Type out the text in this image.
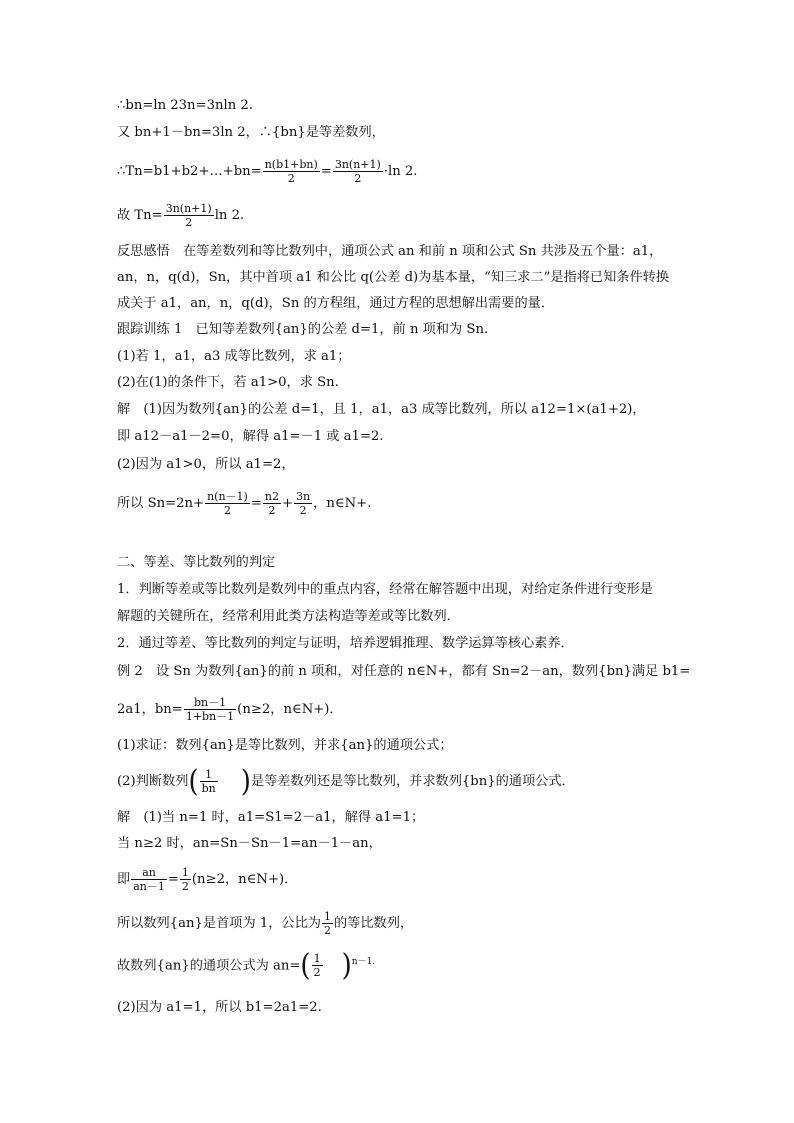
∴bn=ln 23n=3nln 2.
又 bn+1－bn=3ln 2，∴{bn}是等差数列，
∴Tn=b1+b2+…+bn= $\frac{n(b1+bn)}{2} = \frac{3n(n+1)}{2} \cdot\ln$ 2.
故 $Tn= \frac{3n(n+1)}{2}$ ln 2.
反思感悟　在等差数列和等比数列中，通项公式 an 和前 n 项和公式 Sn 共涉及五个量：a1，
an，n，q(d)，Sn，其中首项 a1 和公比 q(公差 d)为基本量，“知三求二”是指将已知条件转换
成关于 a1，an，n，q(d)，Sn 的方程组，通过方程的思想解出需要的量．
跟踪训练 1　已知等差数列{an}的公差 d=1，前 n 项和为 Sn.
(1)若 1，a1，a3 成等比数列，求 a1；
(2)在(1)的条件下，若 a1>0，求 Sn.
解　(1)因为数列{an}的公差 d=1，且 1，a1，a3 成等比数列，所以 a12=1×(a1+2)，
即 a12－a1－2=0，解得 a1=－1 或 a1=2.
(2)因为 a1>0，所以 a1=2，
所以 $Sn=2n+ \frac{n(n-1)}{2} = \frac{n2}{2} + \frac{3n}{2}$ ，n∈N+.
二、等差、等比数列的判定
1．判断等差或等比数列是数列中的重点内容，经常在解答题中出现，对给定条件进行变形是
解题的关键所在，经常利用此类方法构造等差或等比数列．
2．通过等差、等比数列的判定与证明，培养逻辑推理、数学运算等核心素养．
例 2　设 Sn 为数列{an}的前 n 项和，对任意的 n∈N+，都有 Sn=2－an，数列{bn}满足 b1=
2a1，$bn= \frac{bn-1}{1+bn-1} (n\ge 2$，n∈N+)．
(1)求证：数列{an}是等比数列，并求{an}的通项公式；
(2)判断数列( $\frac{1}{bn}$ )是等差数列还是等比数列，并求数列{bn}的通项公式．
解　(1)当 n=1 时，a1=S1=2－a1，解得 a1=1；
当 n≥2 时，an=Sn－Sn－1=an－1－an，
即 $\frac{an}{an-1} = \frac{1}{2} (n\ge 2$，n∈N+)．
所以数列{an}是首项为 1，公比为 $\frac{1}{2}$ 的等比数列，
故数列{an}的通项公式为 $an=( \frac{1}{2} )^{n-1.}$
(2)因为 a1=1，所以 b1=2a1=2.
